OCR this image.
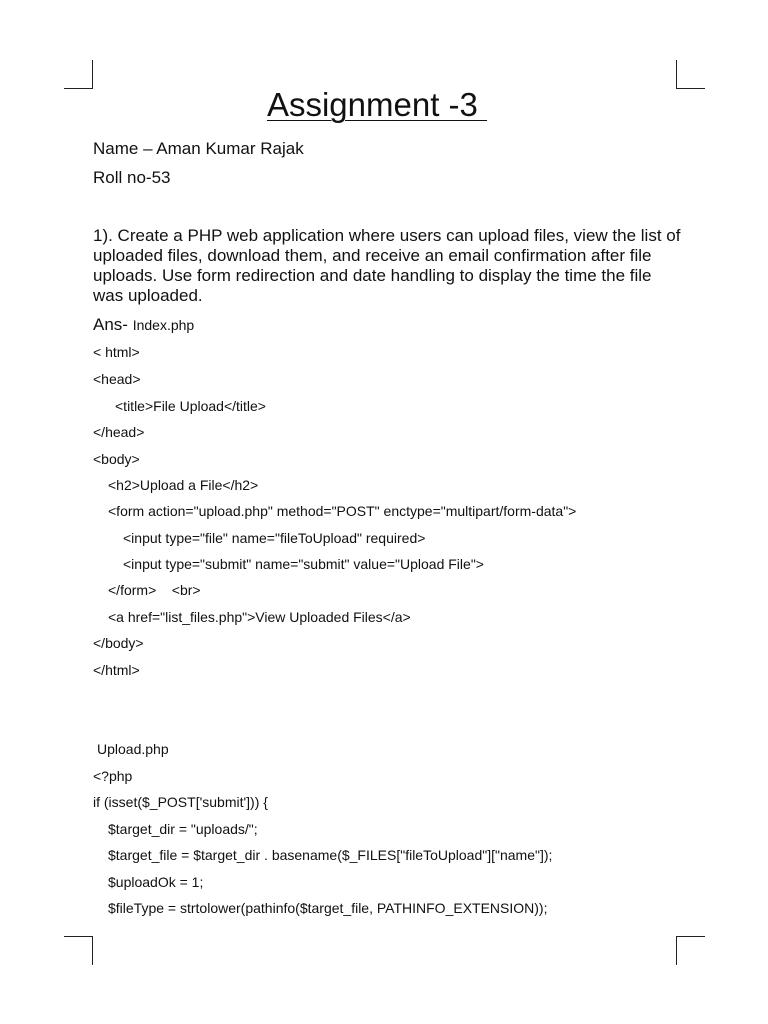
Assignment -3
Name – Aman Kumar Rajak
Roll no-53
1). Create a PHP web application where users can upload files, view the list of uploaded files, download them, and receive an email confirmation after file uploads. Use form redirection and date handling to display the time the file was uploaded.
Ans- Index.php
< html>
<head>
<title>File Upload</title>
</head>
<body>
<h2>Upload a File</h2>
<form action="upload.php" method="POST" enctype="multipart/form-data">
<input type="file" name="fileToUpload" required>
<input type="submit" name="submit" value="Upload File">
</form>    <br>
<a href="list_files.php">View Uploaded Files</a>
</body>
</html>
Upload.php
<?php
if (isset($_POST['submit'])) {
$target_dir = "uploads/";
$target_file = $target_dir . basename($_FILES["fileToUpload"]["name"]);
$uploadOk = 1;
$fileType = strtolower(pathinfo($target_file, PATHINFO_EXTENSION));
